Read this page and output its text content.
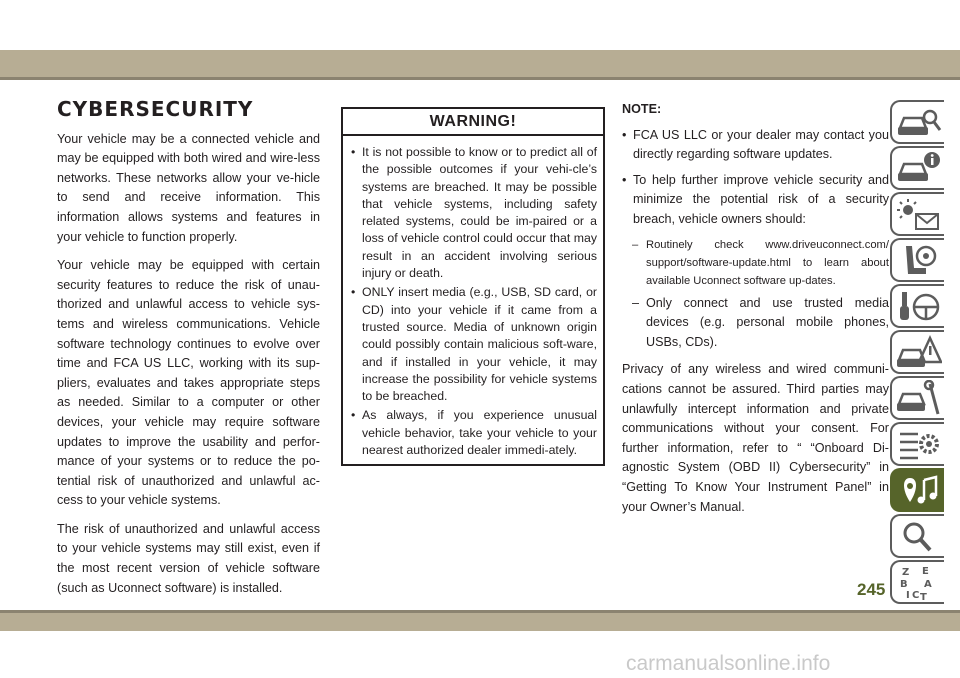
CYBERSECURITY

Your vehicle may be a connected vehicle and may be equipped with both wired and wire-less networks. These networks allow your ve-hicle to send and receive information. This information allows systems and features in your vehicle to function properly.

Your vehicle may be equipped with certain security features to reduce the risk of unau-thorized and unlawful access to vehicle sys-tems and wireless communications. Vehicle software technology continues to evolve over time and FCA US LLC, working with its sup-pliers, evaluates and takes appropriate steps as needed. Similar to a computer or other devices, your vehicle may require software updates to improve the usability and perfor-mance of your systems or to reduce the po-tential risk of unauthorized and unlawful ac-cess to your vehicle systems.

The risk of unauthorized and unlawful access to your vehicle systems may still exist, even if the most recent version of vehicle software (such as Uconnect software) is installed.

WARNING!
• It is not possible to know or to predict all of the possible outcomes if your vehi-cle’s systems are breached. It may be possible that vehicle systems, including safety related systems, could be im-paired or a loss of vehicle control could occur that may result in an accident involving serious injury or death.
• ONLY insert media (e.g., USB, SD card, or CD) into your vehicle if it came from a trusted source. Media of unknown origin could possibly contain malicious soft-ware, and if installed in your vehicle, it may increase the possibility for vehicle systems to be breached.
• As always, if you experience unusual vehicle behavior, take your vehicle to your nearest authorized dealer immedi-ately.
NOTE:
• FCA US LLC or your dealer may contact you directly regarding software updates.
• To help further improve vehicle security and minimize the potential risk of a security breach, vehicle owners should:
– Routinely check www.driveuconnect.com/ support/software-update.html to learn about available Uconnect software up-dates.
– Only connect and use trusted media devices (e.g. personal mobile phones, USBs, CDs).

Privacy of any wireless and wired communi-cations cannot be assured. Third parties may unlawfully intercept information and private communications without your consent. For further information, refer to “ “Onboard Di-agnostic System (OBD II) Cybersecurity” in “Getting To Know Your Instrument Panel” in your Owner’s Manual.

Z E
B A
I C T
245
carmanualsonline.info
